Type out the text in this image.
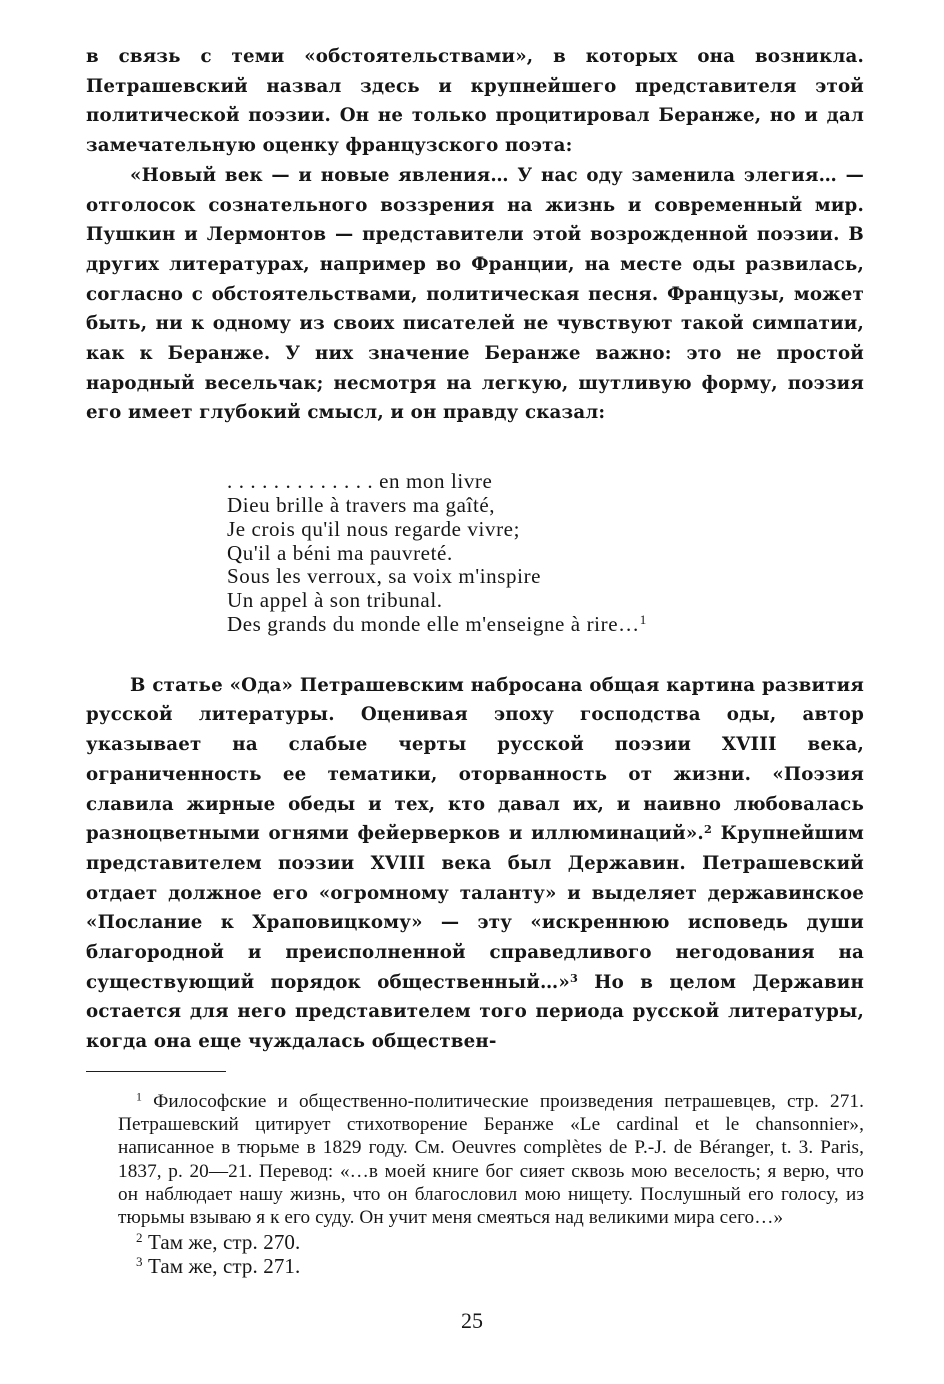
в связь с теми «обстоятельствами», в которых она возникла. Петрашевский назвал здесь и крупнейшего представителя этой политической поэзии. Он не только процитировал Беранже, но и дал замечательную оценку французского поэта:

«Новый век — и новые явления… У нас оду заменила элегия… — отголосок сознательного воззрения на жизнь и современный мир. Пушкин и Лермонтов — представители этой возрожденной поэзии. В других литературах, например во Франции, на месте оды развилась, согласно с обстоятельствами, политическая песня. Французы, может быть, ни к одному из своих писателей не чувствуют такой симпатии, как к Беранже. У них значение Беранже важно: это не простой народный весельчак; несмотря на легкую, шутливую форму, поэзия его имеет глубокий смысл, и он правду сказал:

. . . . . . . . . . . . . en mon livre
Dieu brille à travers ma gaîté,
Je crois qu'il nous regarde vivre;
Qu'il a béni ma pauvreté.
Sous les verroux, sa voix m'inspire
Un appel à son tribunal.
Des grands du monde elle m'enseigne à rire…$^1$

В статье «Ода» Петрашевским набросана общая картина развития русской литературы. Оценивая эпоху господства оды, автор указывает на слабые черты русской поэзии XVIII века, ограниченность ее тематики, оторванность от жизни. «Поэзия славила жирные обеды и тех, кто давал их, и наивно любовалась разноцветными огнями фейерверков и иллюминаций».$^2$ Крупнейшим представителем поэзии XVIII века был Державин. Петрашевский отдает должное его «огромному таланту» и выделяет державинское «Послание к Храповицкому» — эту «искреннюю исповедь души благородной и преисполненной справедливого негодования на существующий порядок общественный…»$^3$ Но в целом Державин остается для него представителем того периода русской литературы, когда она еще чуждалась обществен-

$^1$ Философские и общественно-политические произведения петрашевцев, стр. 271. Петрашевский цитирует стихотворение Беранже «Le cardinal et le chansonnier», написанное в тюрьме в 1829 году. См. Oeuvres complètes de P.-J. de Béranger, t. 3. Paris, 1837, p. 20—21. Перевод: «…в моей книге бог сияет сквозь мою веселость; я верю, что он наблюдает нашу жизнь, что он благословил мою нищету. Послушный его голосу, из тюрьмы взываю я к его суду. Он учит меня смеяться над великими мира сего…»

$^2$ Там же, стр. 270.

$^3$ Там же, стр. 271.

25
